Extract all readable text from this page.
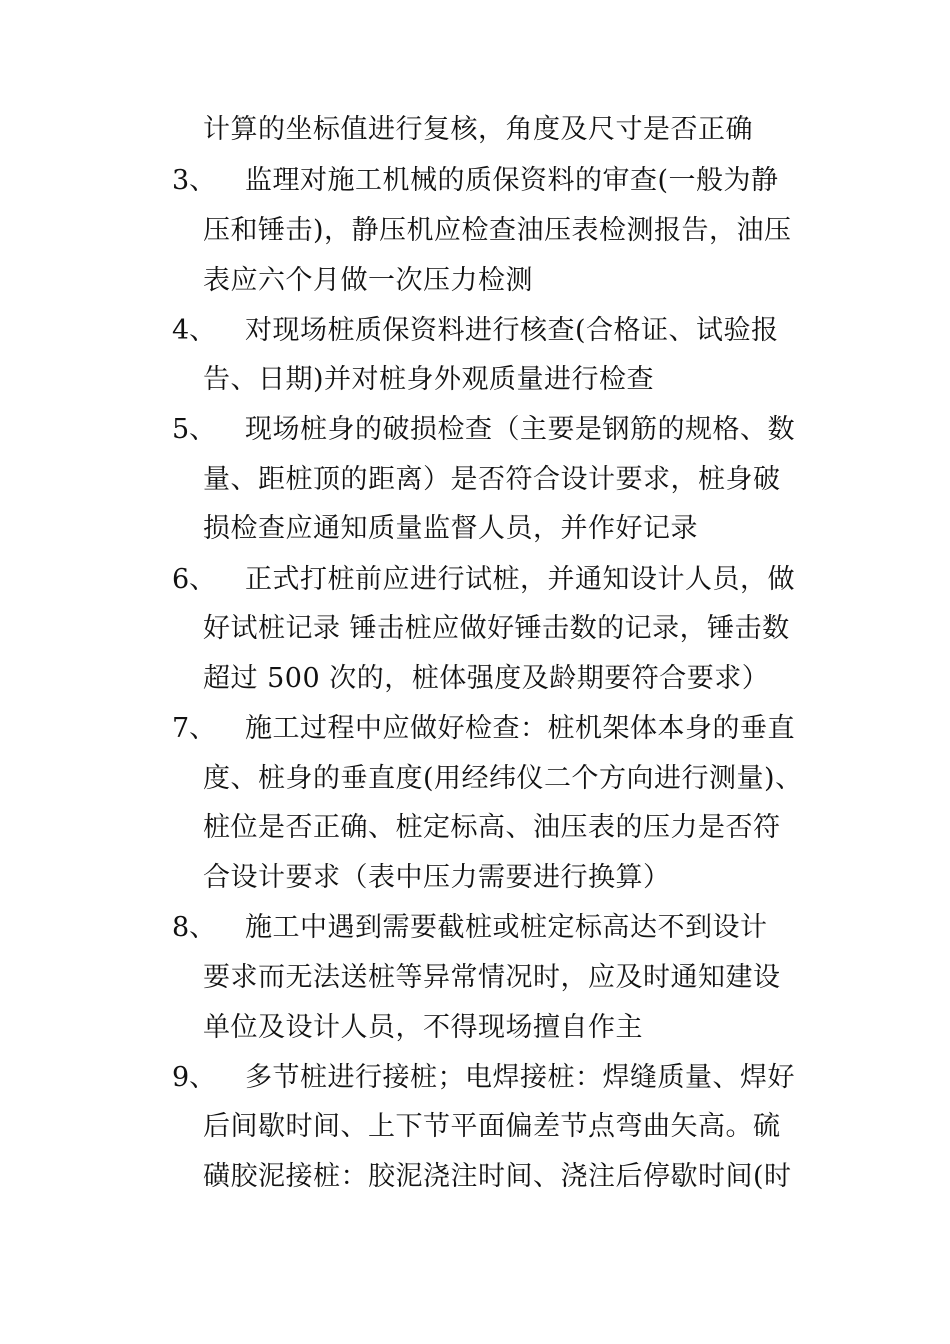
计算的坐标值进行复核，角度及尺寸是否正确
3、 监理对施工机械的质保资料的审查(一般为静
压和锤击)，静压机应检查油压表检测报告，油压
表应六个月做一次压力检测
4、 对现场桩质保资料进行核查(合格证、试验报
告、日期)并对桩身外观质量进行检查
5、 现场桩身的破损检查（主要是钢筋的规格、数
量、距桩顶的距离）是否符合设计要求，桩身破
损检查应通知质量监督人员，并作好记录
6、 正式打桩前应进行试桩，并通知设计人员，做
好试桩记录 锤击桩应做好锤击数的记录，锤击数
超过 500 次的，桩体强度及龄期要符合要求）
7、 施工过程中应做好检查：桩机架体本身的垂直
度、桩身的垂直度(用经纬仪二个方向进行测量)、
桩位是否正确、桩定标高、油压表的压力是否符
合设计要求（表中压力需要进行换算）
8、 施工中遇到需要截桩或桩定标高达不到设计
要求而无法送桩等异常情况时，应及时通知建设
单位及设计人员，不得现场擅自作主
9、 多节桩进行接桩；电焊接桩：焊缝质量、焊好
后间歇时间、上下节平面偏差节点弯曲矢高。硫
磺胶泥接桩：胶泥浇注时间、浇注后停歇时间(时
